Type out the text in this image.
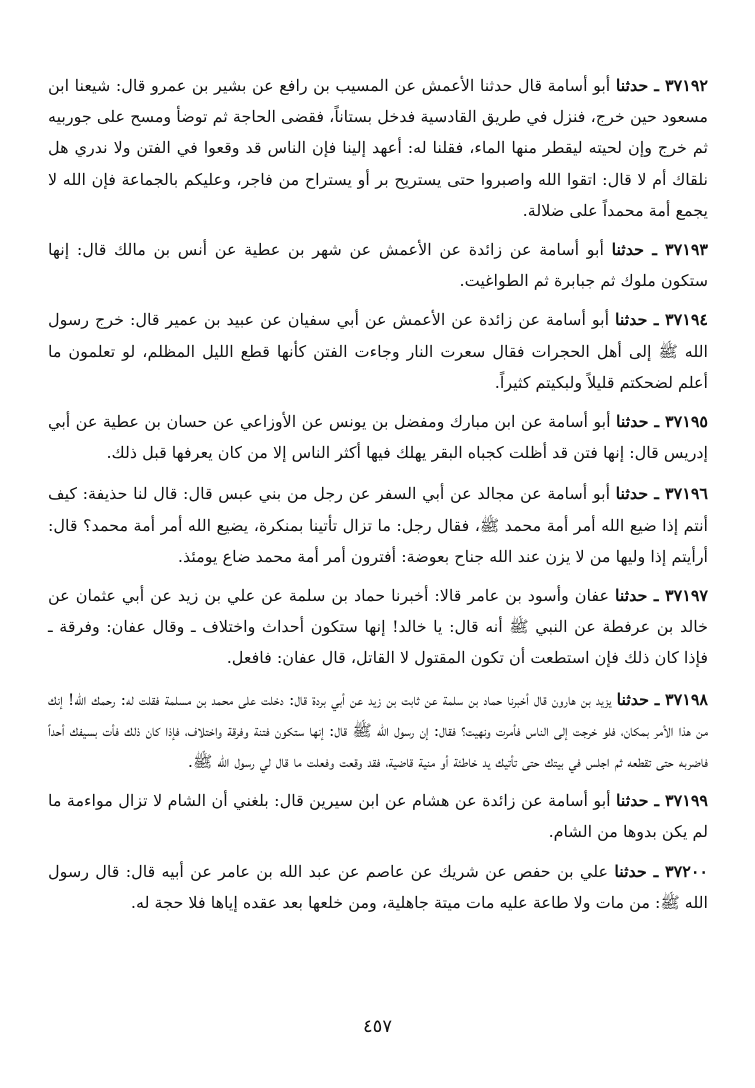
٣٧١٩٢ ـ حدثنا أبو أسامة قال حدثنا الأعمش عن المسيب بن رافع عن بشير بن عمرو قال: شيعنا ابن مسعود حين خرج، فنزل في طريق القادسية فدخل بستاناً، فقضى الحاجة ثم توضأ ومسح على جوربيه ثم خرج وإن لحيته ليقطر منها الماء، فقلنا له: أعهد إلينا فإن الناس قد وقعوا في الفتن ولا ندري هل نلقاك أم لا قال: اتقوا الله واصبروا حتى يستريح بر أو يستراح من فاجر، وعليكم بالجماعة فإن الله لا يجمع أمة محمداً على ضلالة.

٣٧١٩٣ ـ حدثنا أبو أسامة عن زائدة عن الأعمش عن شهر بن عطية عن أنس بن مالك قال: إنها ستكون ملوك ثم جبابرة ثم الطواغيت.

٣٧١٩٤ ـ حدثنا أبو أسامة عن زائدة عن الأعمش عن أبي سفيان عن عبيد بن عمير قال: خرج رسول الله ﷺ إلى أهل الحجرات فقال سعرت النار وجاءت الفتن كأنها قطع الليل المظلم، لو تعلمون ما أعلم لضحكتم قليلاً ولبكيتم كثيراً.

٣٧١٩٥ ـ حدثنا أبو أسامة عن ابن مبارك ومفضل بن يونس عن الأوزاعي عن حسان بن عطية عن أبي إدريس قال: إنها فتن قد أظلت كجباه البقر يهلك فيها أكثر الناس إلا من كان يعرفها قبل ذلك.

٣٧١٩٦ ـ حدثنا أبو أسامة عن مجالد عن أبي السفر عن رجل من بني عبس قال: قال لنا حذيفة: كيف أنتم إذا ضيع الله أمر أمة محمد ﷺ، فقال رجل: ما تزال تأتينا بمنكرة، يضيع الله أمر أمة محمد؟ قال: أرأيتم إذا وليها من لا يزن عند الله جناح بعوضة: أفترون أمر أمة محمد ضاع يومئذ.

٣٧١٩٧ ـ حدثنا عفان وأسود بن عامر قالا: أخبرنا حماد بن سلمة عن علي بن زيد عن أبي عثمان عن خالد بن عرفطة عن النبي ﷺ أنه قال: يا خالد! إنها ستكون أحداث واختلاف ـ وقال عفان: وفرقة ـ فإذا كان ذلك فإن استطعت أن تكون المقتول لا القاتل، قال عفان: فافعل.

٣٧١٩٨ ـ حدثنا يزيد بن هارون قال أخبرنا حماد بن سلمة عن ثابت بن زيد عن أبي بردة قال: دخلت على محمد بن مسلمة فقلت له: رحمك الله! إنك من هذا الأمر بمكان، فلو خرجت إلى الناس فأمرت ونهيت؟ فقال: إن رسول الله ﷺ قال: إنها ستكون فتنة وفرقة واختلاف، فإذا كان ذلك فأت بسيفك أحداً فاضربه حتى تقطعه ثم اجلس في بيتك حتى تأتيك يد خاطئة أو منية قاضية، فقد وقعت وفعلت ما قال لي رسول الله ﷺ.

٣٧١٩٩ ـ حدثنا أبو أسامة عن زائدة عن هشام عن ابن سيرين قال: بلغني أن الشام لا تزال مواءمة ما لم يكن بدوها من الشام.

٣٧٢٠٠ ـ حدثنا علي بن حفص عن شريك عن عاصم عن عبد الله بن عامر عن أبيه قال: قال رسول الله ﷺ: من مات ولا طاعة عليه مات ميتة جاهلية، ومن خلعها بعد عقده إياها فلا حجة له.

٤٥٧
